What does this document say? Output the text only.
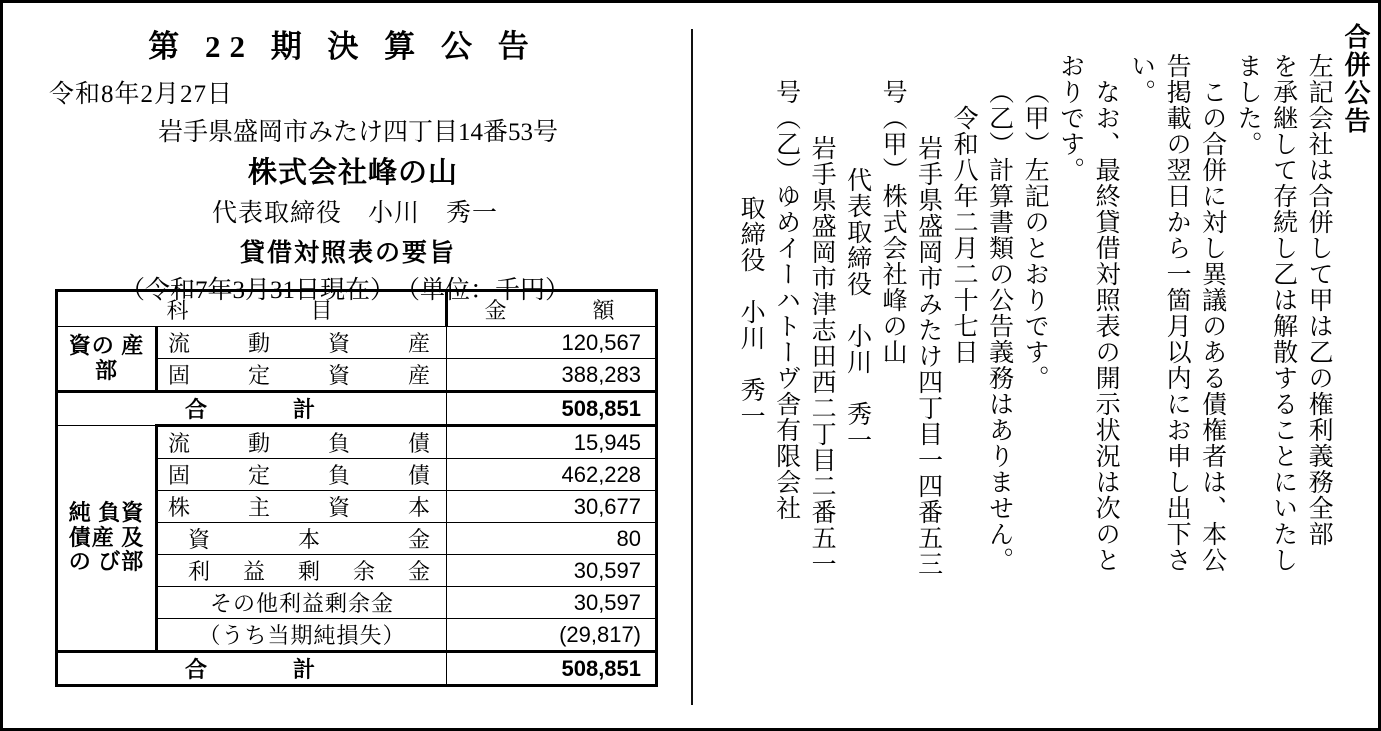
第 22 期 決 算 公 告
令和8年2月27日
岩手県盛岡市みたけ四丁目14番53号
株式会社峰の山
代表取締役　小川　秀一
貸借対照表の要旨
（令和7年3月31日現在）　（単位：千円）
科　　　目		金　　額
資の 産部	流動資産	120,567
	固定資産	388,283
合　　計		508,851
純 負資 債産 及の び部	流動負債	15,945
	固定負債	462,228
	株主資本	30,677
	資本金	80
	利益剰余金	30,597
	その他利益剰余金	30,597
	（うち当期純損失）	(29,817)
合　　計		508,851
合併公告
左記会社は合併して甲は乙の権利義務全部
を承継して存続し乙は解散することにいたし
ました。
この合併に対し異議のある債権者は、本公
告掲載の翌日から一箇月以内にお申し出下さ
い。
なお、最終貸借対照表の開示状況は次のと
おりです。
（甲）左記のとおりです。
（乙）計算書類の公告義務はありません。
令和八年二月二十七日
岩手県盛岡市みたけ四丁目一四番五三
号（甲）株式会社峰の山
代表取締役　小川　秀一
岩手県盛岡市津志田西二丁目二番五一
号（乙）ゆめイーハトーヴ舎有限会社
取締役　小川　秀一
